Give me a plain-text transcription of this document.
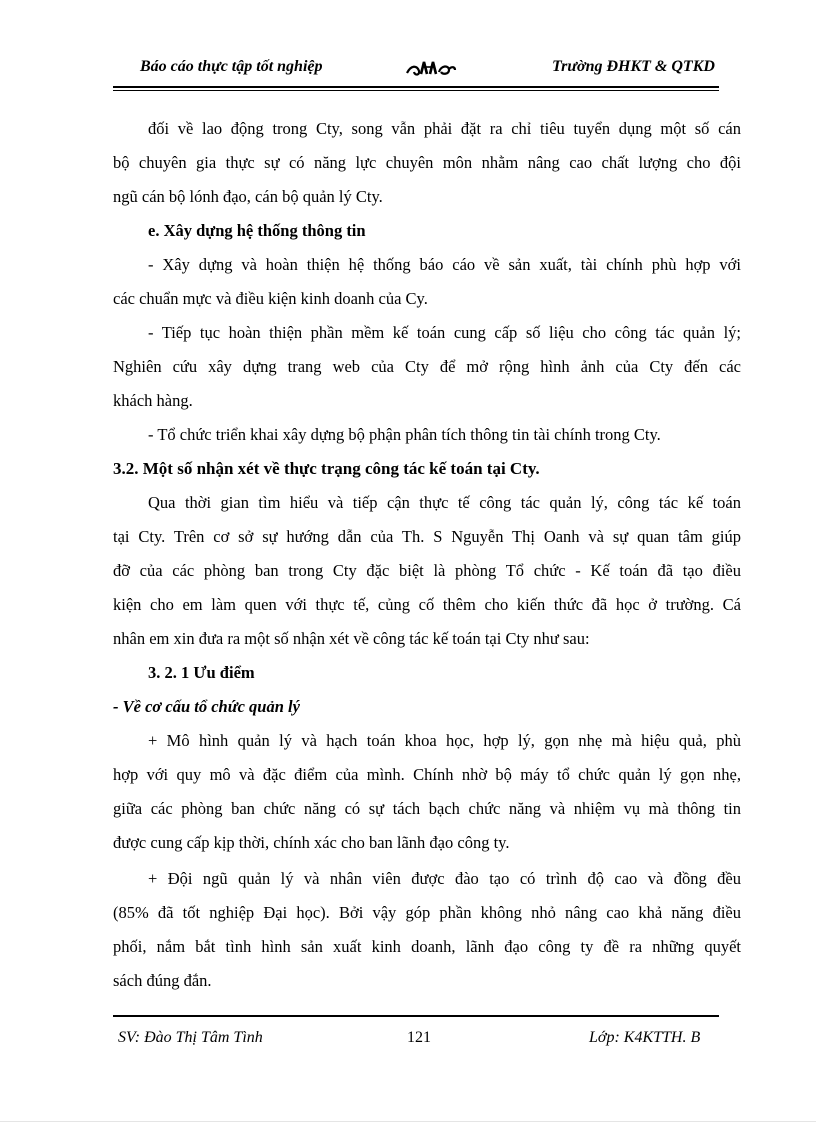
Báo cáo thực tập tốt nghiệp	Trường ĐHKT & QTKD
đối về lao động trong Cty, song vẫn phải đặt ra chỉ tiêu tuyển dụng một số cán
bộ chuyên gia thực sự có năng lực chuyên môn nhằm nâng cao chất lượng cho đội
ngũ cán bộ lónh đạo, cán bộ quản lý Cty.
e. Xây dựng hệ thống thông tin
- Xây dựng và hoàn thiện hệ thống báo cáo về sản xuất, tài chính phù hợp với
các chuẩn mực và điều kiện kinh doanh của Cy.
- Tiếp tục hoàn thiện phần mềm kế toán cung cấp số liệu cho công tác quản lý;
Nghiên cứu xây dựng trang web của Cty để mở rộng hình ảnh của Cty đến các
khách hàng.
- Tổ chức triển khai xây dựng bộ phận phân tích thông tin tài chính trong Cty.
3.2. Một số nhận xét về thực trạng công tác kế toán tại Cty.
Qua thời gian tìm hiểu và tiếp cận thực tế công tác quản lý, công tác kế toán
tại Cty. Trên cơ sở sự hướng dẫn của Th. S Nguyễn Thị Oanh và sự quan tâm giúp
đỡ của các phòng ban trong Cty đặc biệt là phòng Tổ chức - Kế toán đã tạo điều
kiện cho em làm quen với thực tế, củng cố thêm cho kiến thức đã học ở trường. Cá
nhân em xin đưa ra một số nhận xét về công tác kế toán tại Cty như sau:
3. 2. 1 Ưu điểm
- Về cơ cấu tổ chức quản lý
+ Mô hình quản lý và hạch toán khoa học, hợp lý, gọn nhẹ mà hiệu quả, phù
hợp với quy mô và đặc điểm của mình. Chính nhờ bộ máy tổ chức quản lý gọn nhẹ,
giữa các phòng ban chức năng có sự tách bạch chức năng và nhiệm vụ mà thông tin
được cung cấp kịp thời, chính xác cho ban lãnh đạo công ty.
+ Đội ngũ quản lý và nhân viên được đào tạo có trình độ cao và đồng đều
(85% đã tốt nghiệp Đại học). Bởi vậy góp phần không nhỏ nâng cao khả năng điều
phối, nắm bắt tình hình sản xuất kinh doanh, lãnh đạo công ty đề ra những quyết
sách đúng đắn.
SV: Đào Thị Tâm Tình	121	Lớp: K4KTTH. B
